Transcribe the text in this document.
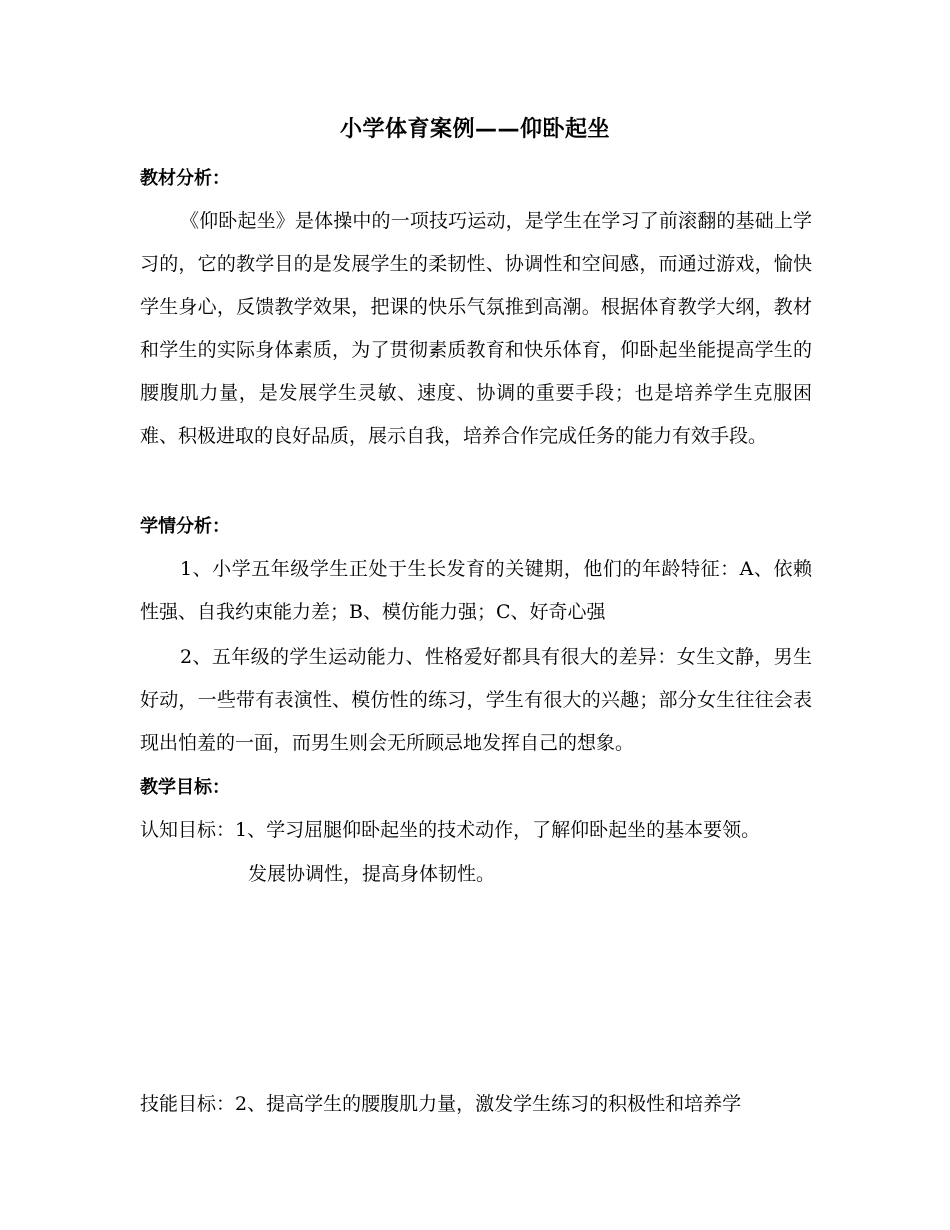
小学体育案例——仰卧起坐
教材分析：
《仰卧起坐》是体操中的一项技巧运动，是学生在学习了前滚翻的基础上学习的，它的教学目的是发展学生的柔韧性、协调性和空间感，而通过游戏，愉快学生身心，反馈教学效果，把课的快乐气氛推到高潮。根据体育教学大纲，教材和学生的实际身体素质，为了贯彻素质教育和快乐体育，仰卧起坐能提高学生的腰腹肌力量，是发展学生灵敏、速度、协调的重要手段；也是培养学生克服困难、积极进取的良好品质，展示自我，培养合作完成任务的能力有效手段。
学情分析：
1、小学五年级学生正处于生长发育的关键期，他们的年龄特征：A、依赖性强、自我约束能力差；B、模仿能力强；C、好奇心强
2、五年级的学生运动能力、性格爱好都具有很大的差异：女生文静，男生好动，一些带有表演性、模仿性的练习，学生有很大的兴趣；部分女生往往会表现出怕羞的一面，而男生则会无所顾忌地发挥自己的想象。
教学目标：
认知目标：1、学习屈腿仰卧起坐的技术动作，了解仰卧起坐的基本要领。
发展协调性，提高身体韧性。
技能目标：2、提高学生的腰腹肌力量，激发学生练习的积极性和培养学
